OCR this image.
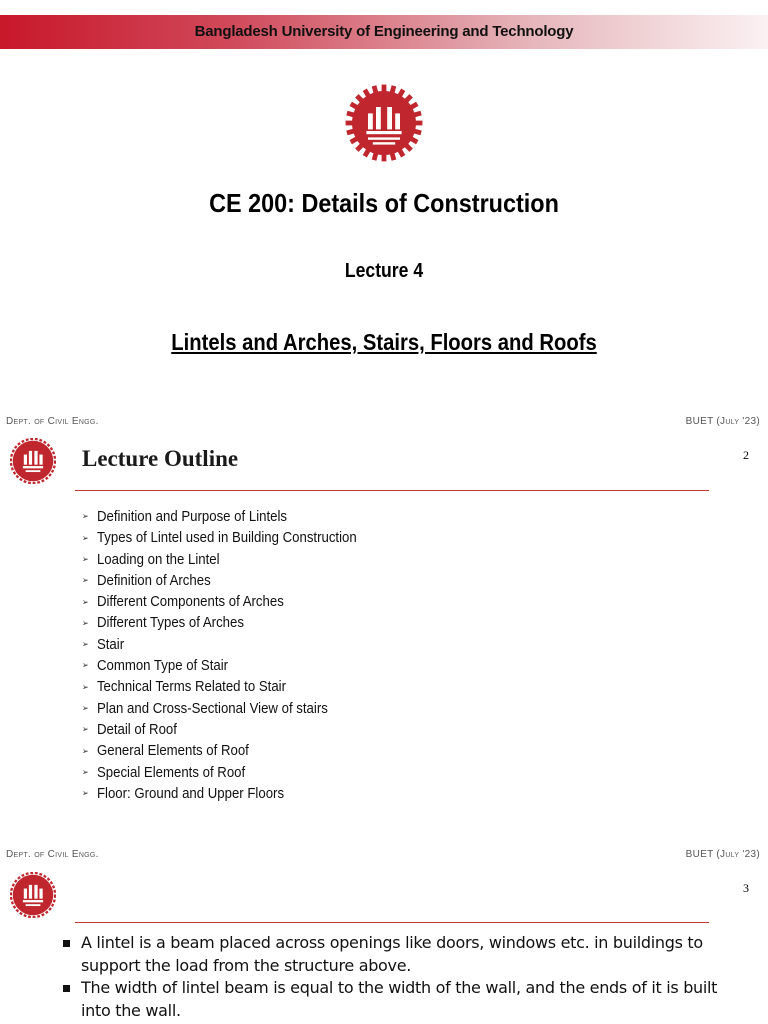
Bangladesh University of Engineering and Technology
CE 200: Details of Construction
Lecture 4
Lintels and Arches, Stairs, Floors and Roofs
Dept. of Civil Engg.	BUET (July '23)
Lecture Outline	2
➢ Definition and Purpose of Lintels
➢ Types of Lintel used in Building Construction
➢ Loading on the Lintel
➢ Definition of Arches
➢ Different Components of Arches
➢ Different Types of Arches
➢ Stair
➢ Common Type of Stair
➢ Technical Terms Related to Stair
➢ Plan and Cross-Sectional View of stairs
➢ Detail of Roof
➢ General Elements of Roof
➢ Special Elements of Roof
➢ Floor: Ground and Upper Floors
Dept. of Civil Engg.	BUET (July '23)
3
A lintel is a beam placed across openings like doors, windows etc. in buildings to support the load from the structure above.
The width of lintel beam is equal to the width of the wall, and the ends of it is built into the wall.
